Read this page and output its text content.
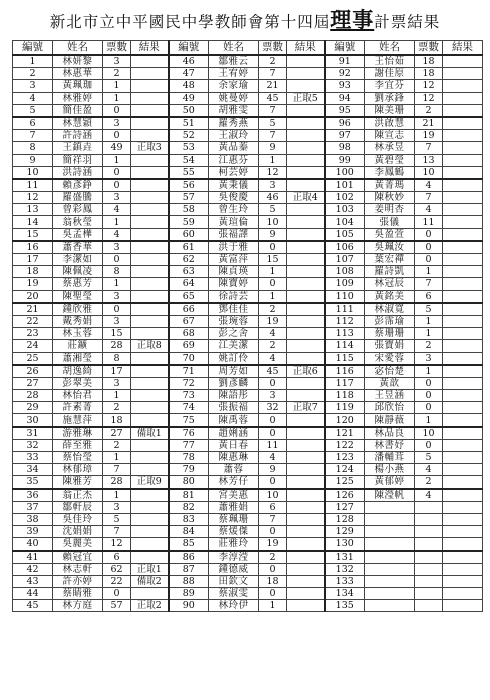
新北市立中平國民中學教師會第十四屆理事計票結果
編號	姓名	票數	結果	編號	姓名	票數	結果	編號	姓名	票數	結果
1	林妍黎	3		46	鄒雅云	2		91	王怡茹	18	
2	林惠華	2		47	王宥婷	7		92	謝佳原	18	
3	黃珮珈	1		48	余家瑜	21		93	李宜芬	12	
4	林雅婷	1		49	姚曼婷	45	正取5	94	劉承鋒	12	
5	簡佳盈	0		50	胡雅雯	7		95	陳美珊	2	
6	林慧穎	3		51	羅秀燕	5		96	洪啟慧	21	
7	許詩涵	0		52	王淑玲	7		97	陳宣志	19	
8	王鎮垚	49	正取3	53	黃品蓁	9		98	林承昱	7	
9	簡祥羽	1		54	江惠芬	1		99	黃碧瑩	13	
10	洪詩涵	0		55	柯芸婷	12		100	李鳳鶴	10	
11	賴彥錚	0		56	黃秉儀	3		101	黃菁瑪	4	
12	羅盛騰	3		57	吳俊慶	46	正取4	102	陳秋妙	7	
13	曾彩鳳	4		58	曾生玲	5		103	姜明杏	4	
14	翁秋瑩	1		59	黃瑄倫	10		104	張儀	11	
15	吳孟樺	4		60	張福譯	9		105	吳盈萱	0	
16	蕭香華	3		61	洪于雅	0		106	吳珮汝	0	
17	李潔如	0		62	黃富萍	15		107	葉宏禪	0	
18	陳佩凌	8		63	陳貞瑛	1		108	羅詩凱	1	
19	蔡惠芳	1		64	陳寶婷	0		109	林冠辰	7	
20	陳聖瑩	3		65	徐詩芸	1		110	黃銘美	6	
21	鍾欣雅	0		66	鄧佳佳	2		111	林淑寬	5	
22	戴秀娟	3		67	張琬蓉	19		112	彭霈瑜	1	
23	林玉蓉	15		68	彭之舍	4		113	蔡珊珊	1	
24	莊鑛	28	正取8	69	江美潔	2		114	張寶娟	2	
25	蕭湘瑩	8		70	姚訂伶	4		115	宋愛蓉	3	
26	胡逸綺	17		71	周芳如	45	正取6	116	宓怡楚	1	
27	彭翠美	3		72	劉彥麟	0		117	黃歆	0	
28	林怡君	1		73	陳語彤	3		118	王昱涵	0	
29	許素菁	2		74	張振福	32	正取7	119	邱欣怡	0	
30	施慧萍	18		75	陳禹蓉	0		120	陳靜薇	1	
31	游雅琳	27	備取1	76	趙娳涵	0		121	林品良	10	
32	薛至雅	2		77	黃日春	11		122	林書妤	0	
33	蔡怡瑩	1		78	陳惠琳	4		123	潘輔茸	5	
34	林郁璋	7		79	蕭蓉	9		124	楊小燕	4	
35	陳雅芳	28	正取9	80	林芳仔	0		125	黃郁婷	2	
36	翁正杰	1		81	宮美惠	10		126	陳瀅帆	4	
37	鄒軒辰	3		82	蕭雅娟	6		127			
38	吳佳玲	5		83	蔡珮珊	7		128			
39	沈娟娟	7		84	蔡煖傑	0		129			
40	吳麗美	12		85	莊雅玲	19		130			
41	賴冠宜	6		86	李淳滢	2		131			
42	林志軒	62	正取1	87	鍾德威	0		132			
43	許亦婷	22	備取2	88	田欽文	18		133			
44	蔡睛雅	0		89	蔡淑雯	0		134			
45	林方庭	57	正取2	90	林玲伊	1		135			
